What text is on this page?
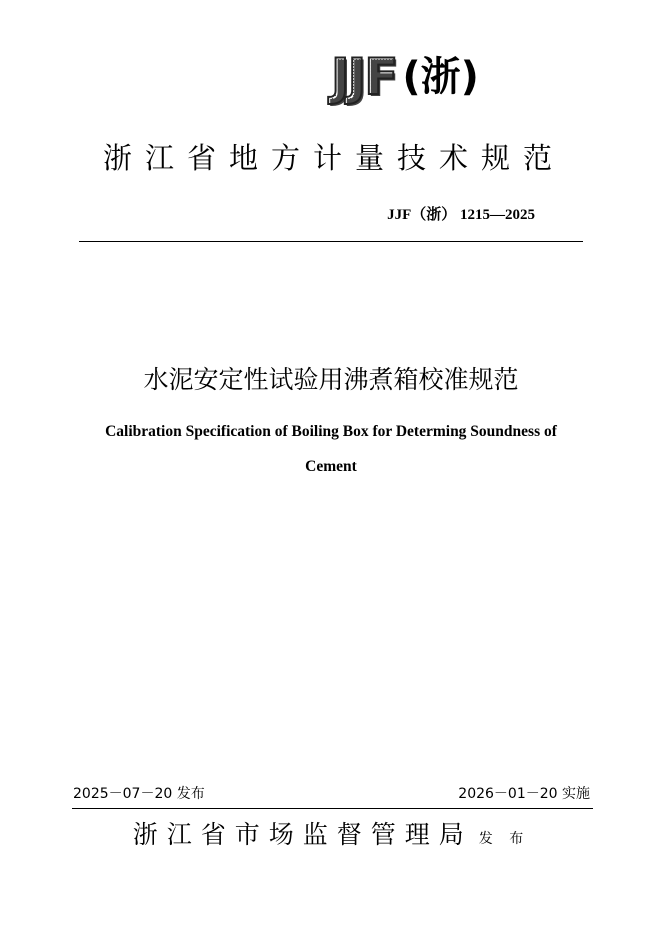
JJF (浙)
浙江省地方计量技术规范
JJF（浙） 1215—2025
水泥安定性试验用沸煮箱校准规范
Calibration Specification of Boiling Box for Determing Soundness of
Cement
2025－07－20 发布	2026－01－20 实施
浙江省市场监督管理局 发 布
